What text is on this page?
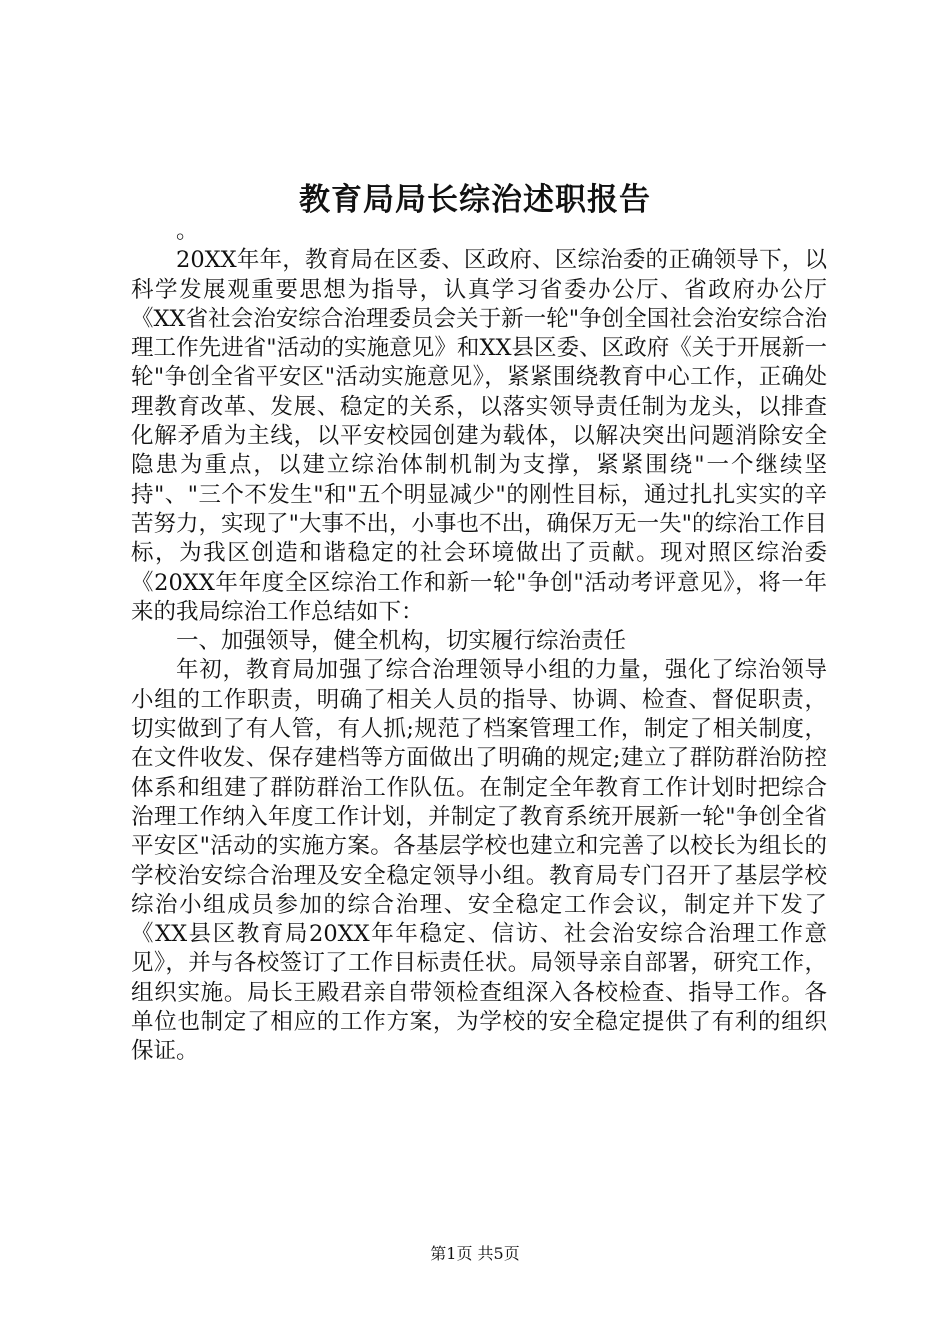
教育局局长综治述职报告

。

20XX年年，教育局在区委、区政府、区综治委的正确领导下，以科学发展观重要思想为指导，认真学习省委办公厅、省政府办公厅《XX省社会治安综合治理委员会关于新一轮"争创全国社会治安综合治理工作先进省"活动的实施意见》和XX县区委、区政府《关于开展新一轮"争创全省平安区"活动实施意见》，紧紧围绕教育中心工作，正确处理教育改革、发展、稳定的关系，以落实领导责任制为龙头，以排查化解矛盾为主线，以平安校园创建为载体，以解决突出问题消除安全隐患为重点，以建立综治体制机制为支撑，紧紧围绕"一个继续坚持"、"三个不发生"和"五个明显减少"的刚性目标，通过扎扎实实的辛苦努力，实现了"大事不出，小事也不出，确保万无一失"的综治工作目标，为我区创造和谐稳定的社会环境做出了贡献。现对照区综治委《20XX年年度全区综治工作和新一轮"争创"活动考评意见》，将一年来的我局综治工作总结如下：

一、加强领导，健全机构，切实履行综治责任

年初，教育局加强了综合治理领导小组的力量，强化了综治领导小组的工作职责，明确了相关人员的指导、协调、检查、督促职责，切实做到了有人管，有人抓;规范了档案管理工作，制定了相关制度，在文件收发、保存建档等方面做出了明确的规定;建立了群防群治防控体系和组建了群防群治工作队伍。在制定全年教育工作计划时把综合治理工作纳入年度工作计划，并制定了教育系统开展新一轮"争创全省平安区"活动的实施方案。各基层学校也建立和完善了以校长为组长的学校治安综合治理及安全稳定领导小组。教育局专门召开了基层学校综治小组成员参加的综合治理、安全稳定工作会议，制定并下发了《XX县区教育局20XX年年稳定、信访、社会治安综合治理工作意见》，并与各校签订了工作目标责任状。局领导亲自部署，研究工作，组织实施。局长王殿君亲自带领检查组深入各校检查、指导工作。各单位也制定了相应的工作方案，为学校的安全稳定提供了有利的组织保证。

第1页 共5页
